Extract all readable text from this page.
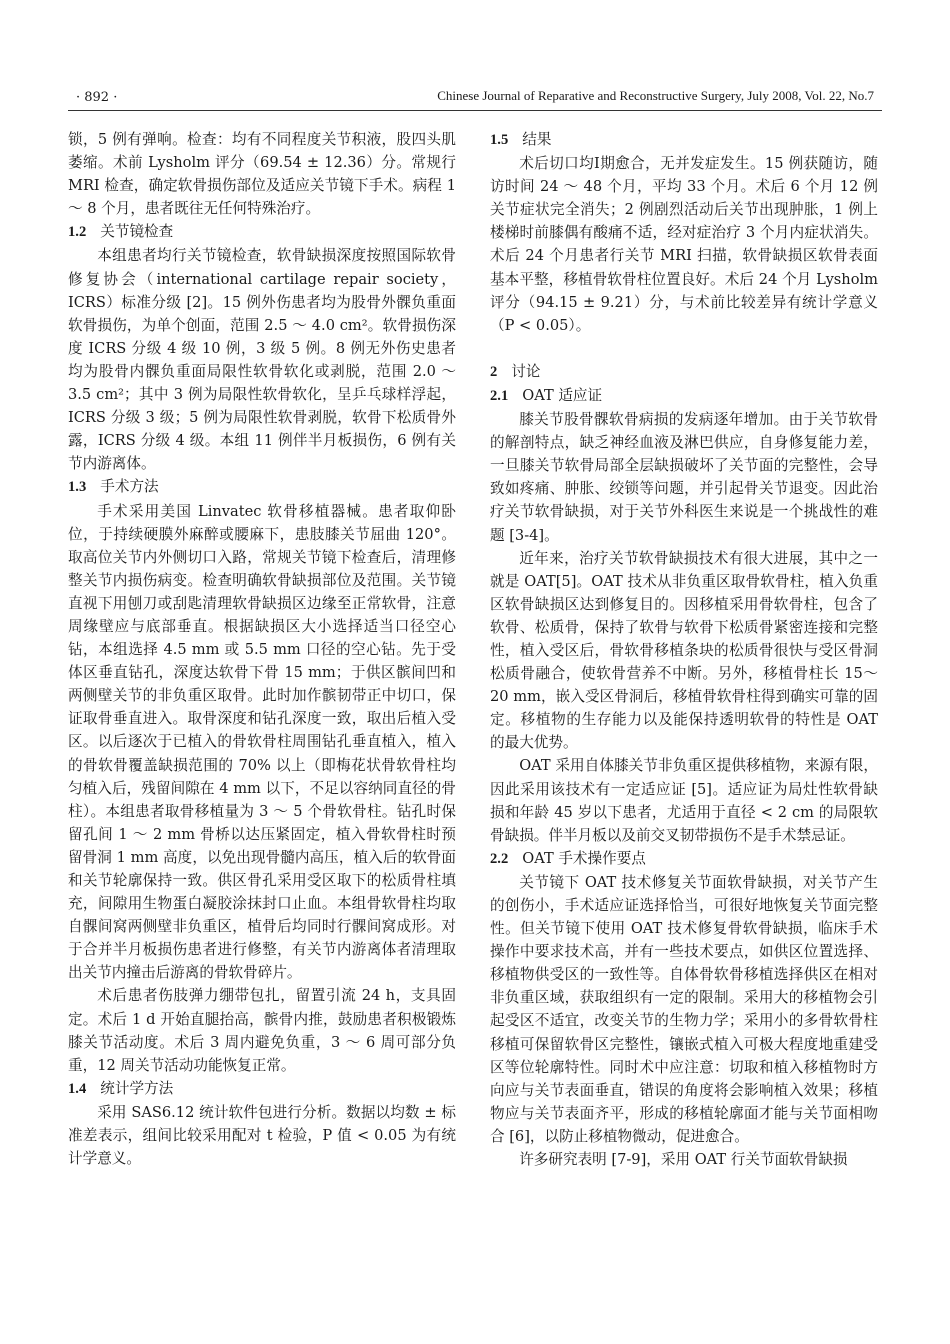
· 892 ·	Chinese Journal of Reparative and Reconstructive Surgery, July 2008, Vol. 22, No.7

锁，5 例有弹响。检查：均有不同程度关节积液，股四头肌萎缩。术前 Lysholm 评分（69.54 ± 12.36）分。常规行 MRI 检查，确定软骨损伤部位及适应关节镜下手术。病程 1 ～ 8 个月，患者既往无任何特殊治疗。

1.2 关节镜检查

本组患者均行关节镜检查，软骨缺损深度按照国际软骨修复协会（international cartilage repair society，ICRS）标准分级 [2]。15 例外伤患者均为股骨外髁负重面软骨损伤，为单个创面，范围 2.5 ～ 4.0 cm²。软骨损伤深度 ICRS 分级 4 级 10 例，3 级 5 例。8 例无外伤史患者均为股骨内髁负重面局限性软骨软化或剥脱，范围 2.0 ～ 3.5 cm²；其中 3 例为局限性软骨软化，呈乒乓球样浮起，ICRS 分级 3 级；5 例为局限性软骨剥脱，软骨下松质骨外露，ICRS 分级 4 级。本组 11 例伴半月板损伤，6 例有关节内游离体。

1.3 手术方法

手术采用美国 Linvatec 软骨移植器械。患者取仰卧位，于持续硬膜外麻醉或腰麻下，患肢膝关节屈曲 120°。取高位关节内外侧切口入路，常规关节镜下检查后，清理修整关节内损伤病变。检查明确软骨缺损部位及范围。关节镜直视下用刨刀或刮匙清理软骨缺损区边缘至正常软骨，注意周缘壁应与底部垂直。根据缺损区大小选择适当口径空心钻，本组选择 4.5 mm 或 5.5 mm 口径的空心钻。先于受体区垂直钻孔，深度达软骨下骨 15 mm；于供区髌间凹和两侧壁关节的非负重区取骨。此时加作髌韧带正中切口，保证取骨垂直进入。取骨深度和钻孔深度一致，取出后植入受区。以后逐次于已植入的骨软骨柱周围钻孔垂直植入，植入的骨软骨覆盖缺损范围的 70% 以上（即梅花状骨软骨柱均匀植入后，残留间隙在 4 mm 以下，不足以容纳同直径的骨柱）。本组患者取骨移植量为 3 ～ 5 个骨软骨柱。钻孔时保留孔间 1 ～ 2 mm 骨桥以达压紧固定，植入骨软骨柱时预留骨洞 1 mm 高度，以免出现骨髓内高压，植入后的软骨面和关节轮廓保持一致。供区骨孔采用受区取下的松质骨柱填充，间隙用生物蛋白凝胶涂抹封口止血。本组骨软骨柱均取自髁间窝两侧壁非负重区，植骨后均同时行髁间窝成形。对于合并半月板损伤患者进行修整，有关节内游离体者清理取出关节内撞击后游离的骨软骨碎片。

术后患者伤肢弹力绷带包扎，留置引流 24 h，支具固定。术后 1 d 开始直腿抬高，髌骨内推，鼓励患者积极锻炼膝关节活动度。术后 3 周内避免负重，3 ～ 6 周可部分负重，12 周关节活动功能恢复正常。

1.4 统计学方法

采用 SAS6.12 统计软件包进行分析。数据以均数 ± 标准差表示，组间比较采用配对 t 检验，P 值 < 0.05 为有统计学意义。

1.5 结果

术后切口均Ⅰ期愈合，无并发症发生。15 例获随访，随访时间 24 ～ 48 个月，平均 33 个月。术后 6 个月 12 例关节症状完全消失；2 例剧烈活动后关节出现肿胀，1 例上楼梯时前膝偶有酸痛不适，经对症治疗 3 个月内症状消失。术后 24 个月患者行关节 MRI 扫描，软骨缺损区软骨表面基本平整，移植骨软骨柱位置良好。术后 24 个月 Lysholm 评分（94.15 ± 9.21）分，与术前比较差异有统计学意义（P < 0.05）。

2 讨论
2.1 OAT 适应证

膝关节股骨髁软骨病损的发病逐年增加。由于关节软骨的解剖特点，缺乏神经血液及淋巴供应，自身修复能力差，一旦膝关节软骨局部全层缺损破坏了关节面的完整性，会导致如疼痛、肿胀、绞锁等问题，并引起骨关节退变。因此治疗关节软骨缺损，对于关节外科医生来说是一个挑战性的难题 [3-4]。

近年来，治疗关节软骨缺损技术有很大进展，其中之一就是 OAT[5]。OAT 技术从非负重区取骨软骨柱，植入负重区软骨缺损区达到修复目的。因移植采用骨软骨柱，包含了软骨、松质骨，保持了软骨与软骨下松质骨紧密连接和完整性，植入受区后，骨软骨移植条块的松质骨很快与受区骨洞松质骨融合，使软骨营养不中断。另外，移植骨柱长 15～20 mm，嵌入受区骨洞后，移植骨软骨柱得到确实可靠的固定。移植物的生存能力以及能保持透明软骨的特性是 OAT 的最大优势。

OAT 采用自体膝关节非负重区提供移植物，来源有限，因此采用该技术有一定适应证 [5]。适应证为局灶性软骨缺损和年龄 45 岁以下患者，尤适用于直径 < 2 cm 的局限软骨缺损。伴半月板以及前交叉韧带损伤不是手术禁忌证。

2.2 OAT 手术操作要点

关节镜下 OAT 技术修复关节面软骨缺损，对关节产生的创伤小，手术适应证选择恰当，可很好地恢复关节面完整性。但关节镜下使用 OAT 技术修复骨软骨缺损，临床手术操作中要求技术高，并有一些技术要点，如供区位置选择、移植物供受区的一致性等。自体骨软骨移植选择供区在相对非负重区域，获取组织有一定的限制。采用大的移植物会引起受区不适宜，改变关节的生物力学；采用小的多骨软骨柱移植可保留软骨区完整性，镶嵌式植入可极大程度地重建受区等位轮廓特性。同时术中应注意：切取和植入移植物时方向应与关节表面垂直，错误的角度将会影响植入效果；移植物应与关节表面齐平，形成的移植轮廓面才能与关节面相吻合 [6]，以防止移植物微动，促进愈合。

许多研究表明 [7-9]，采用 OAT 行关节面软骨缺损
